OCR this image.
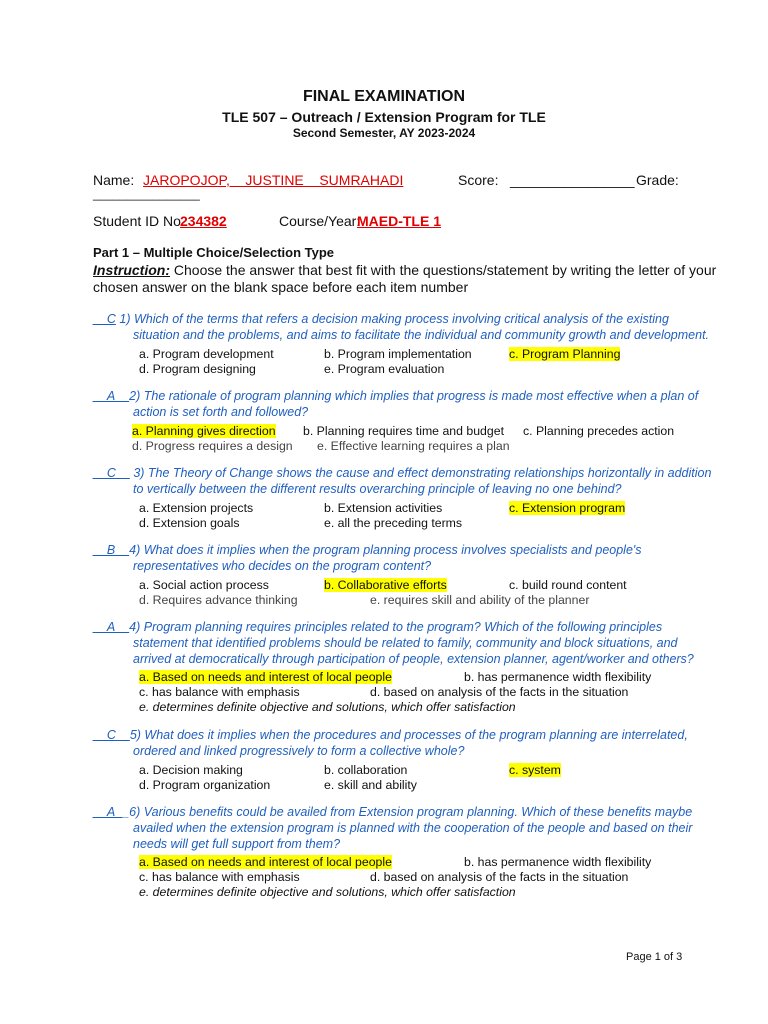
FINAL EXAMINATION
TLE 507 – Outreach / Extension Program for TLE
Second Semester, AY 2023-2024
Name: JAROPOJOP,    JUSTINE    SUMRAHADI	Score: ________________ Grade:
________________
Student ID No.
234382	Course/Year:
MAED-TLE 1
Part 1 – Multiple Choice/Selection Type
Instruction: Choose the answer that best fit with the questions/statement by writing the letter of your
chosen answer on the blank space before each item number
__C 1) Which of the terms that refers a decision making process involving critical analysis of the existing
situation and the problems, and aims to facilitate the individual and community growth and development.
a. Program development	b. Program implementation	c. Program Planning
d. Program designing	e. Program evaluation
__A__2) The rationale of program planning which implies that progress is made most effective when a plan of
action is set forth and followed?
a. Planning gives direction b. Planning requires time and budget c. Planning precedes action
d. Progress requires a design e. Effective learning requires a plan
__C__ 3) The Theory of Change shows the cause and effect demonstrating relationships horizontally in addition
to vertically between the different results overarching principle of leaving no one behind?
a. Extension projects	b. Extension activities	c. Extension program
d. Extension goals	e. all the preceding terms
__B__4) What does it implies when the program planning process involves specialists and people's
representatives who decides on the program content?
a. Social action process	b. Collaborative efforts	c. build round content
d. Requires advance thinking	e. requires skill and ability of the planner
__A__4) Program planning requires principles related to the program? Which of the following principles
statement that identified problems should be related to family, community and block situations, and
arrived at democratically through participation of people, extension planner, agent/worker and others?
a. Based on needs and interest of local people	b. has permanence width flexibility
c. has balance with emphasis	d. based on analysis of the facts in the situation
e. determines definite objective and solutions, which offer satisfaction
__C__5) What does it implies when the procedures and processes of the program planning are interrelated,
ordered and linked progressively to form a collective whole?
a. Decision making	b. collaboration	c. system
d. Program organization	e. skill and ability
__A__6) Various benefits could be availed from Extension program planning. Which of these benefits maybe
availed when the extension program is planned with the cooperation of the people and based on their
needs will get full support from them?
a. Based on needs and interest of local people	b. has permanence width flexibility
c. has balance with emphasis	d. based on analysis of the facts in the situation
e. determines definite objective and solutions, which offer satisfaction
Page 1 of 3
